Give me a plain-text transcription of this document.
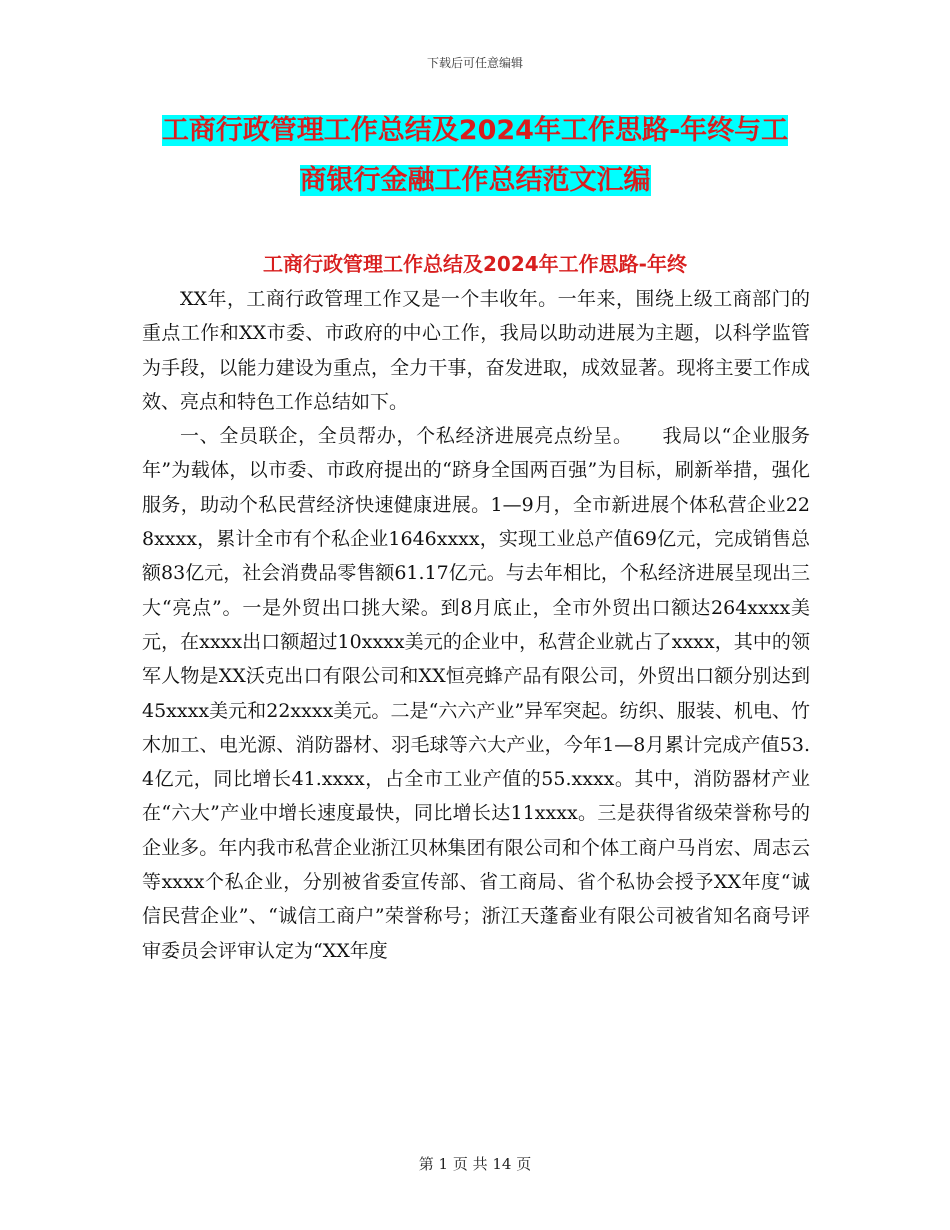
下载后可任意编辑
工商行政管理工作总结及2024年工作思路-年终与工
商银行金融工作总结范文汇编
工商行政管理工作总结及2024年工作思路-年终

XX年，工商行政管理工作又是一个丰收年。一年来，围绕上级工商部门的重点工作和XX市委、市政府的中心工作，我局以助动进展为主题，以科学监管为手段，以能力建设为重点，全力干事，奋发进取，成效显著。现将主要工作成效、亮点和特色工作总结如下。

一、全员联企，全员帮办，个私经济进展亮点纷呈。　　我局以“企业服务年”为载体，以市委、市政府提出的“跻身全国两百强”为目标，刷新举措，强化服务，助动个私民营经济快速健康进展。1—9月，全市新进展个体私营企业228xxxx，累计全市有个私企业1646xxxx，实现工业总产值69亿元，完成销售总额83亿元，社会消费品零售额61.17亿元。与去年相比，个私经济进展呈现出三大“亮点”。一是外贸出口挑大梁。到8月底止，全市外贸出口额达264xxxx美元，在xxxx出口额超过10xxxx美元的企业中，私营企业就占了xxxx，其中的领军人物是XX沃克出口有限公司和XX恒亮蜂产品有限公司，外贸出口额分别达到45xxxx美元和22xxxx美元。二是“六六产业”异军突起。纺织、服装、机电、竹木加工、电光源、消防器材、羽毛球等六大产业，今年1—8月累计完成产值53.4亿元，同比增长41.xxxx，占全市工业产值的55.xxxx。其中，消防器材产业在“六大”产业中增长速度最快，同比增长达11xxxx。三是获得省级荣誉称号的企业多。年内我市私营企业浙江贝林集团有限公司和个体工商户马肖宏、周志云等xxxx个私企业，分别被省委宣传部、省工商局、省个私协会授予XX年度“诚信民营企业”、“诚信工商户”荣誉称号；浙江天蓬畜业有限公司被省知名商号评审委员会评审认定为“XX年度

第 1 页 共 14 页
